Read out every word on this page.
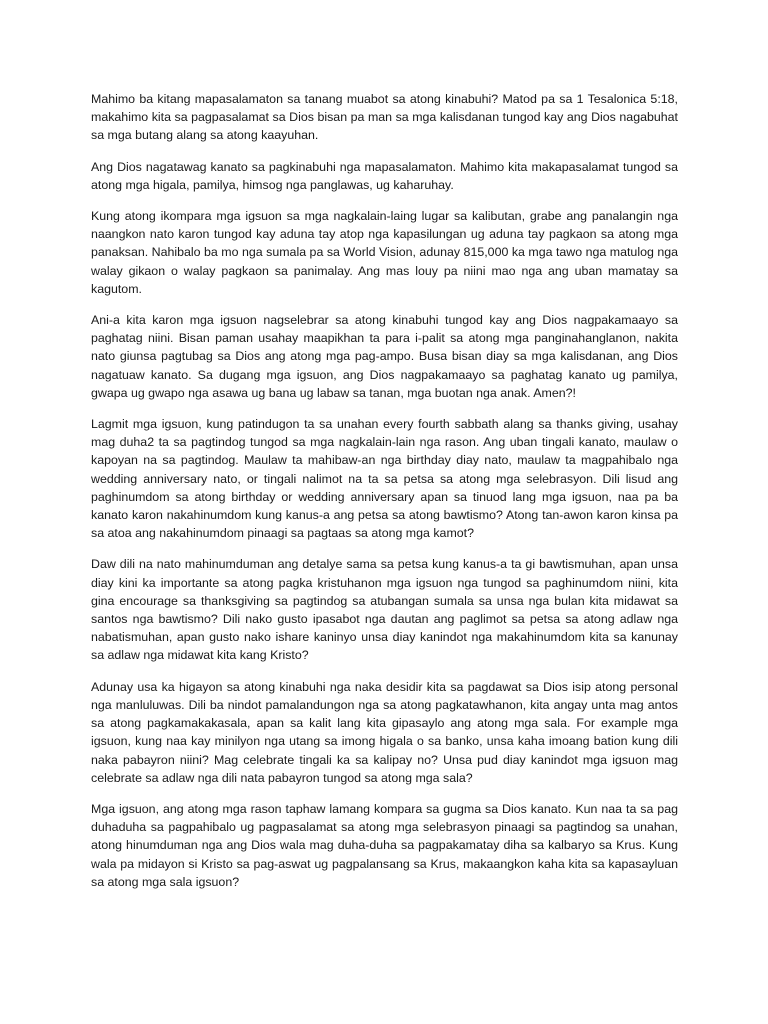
Mahimo ba kitang mapasalamaton sa tanang muabot sa atong kinabuhi? Matod pa sa 1 Tesalonica 5:18, makahimo kita sa pagpasalamat sa Dios bisan pa man sa mga kalisdanan tungod kay ang Dios nagabuhat sa mga butang alang sa atong kaayuhan.

Ang Dios nagatawag kanato sa pagkinabuhi nga mapasalamaton. Mahimo kita makapasalamat tungod sa atong mga higala, pamilya, himsog nga panglawas, ug kaharuhay.

Kung atong ikompara mga igsuon sa mga nagkalain-laing lugar sa kalibutan, grabe ang panalangin nga naangkon nato karon tungod kay aduna tay atop nga kapasilungan ug aduna tay pagkaon sa atong mga panaksan. Nahibalo ba mo nga sumala pa sa World Vision, adunay 815,000 ka mga tawo nga matulog nga walay gikaon o walay pagkaon sa panimalay. Ang mas louy pa niini mao nga ang uban mamatay sa kagutom.

Ani-a kita karon mga igsuon nagselebrar sa atong kinabuhi tungod kay ang Dios nagpakamaayo sa paghatag niini. Bisan paman usahay maapikhan ta para i-palit sa atong mga panginahanglanon, nakita nato giunsa pagtubag sa Dios ang atong mga pag-ampo. Busa bisan diay sa mga kalisdanan, ang Dios nagatuaw kanato. Sa dugang mga igsuon, ang Dios nagpakamaayo sa paghatag kanato ug pamilya, gwapa ug gwapo nga asawa ug bana ug labaw sa tanan, mga buotan nga anak. Amen?!

Lagmit mga igsuon, kung patindugon ta sa unahan every fourth sabbath alang sa thanks giving, usahay mag duha2 ta sa pagtindog tungod sa mga nagkalain-lain nga rason. Ang uban tingali kanato, maulaw o kapoyan na sa pagtindog. Maulaw ta mahibaw-an nga birthday diay nato, maulaw ta magpahibalo nga wedding anniversary nato, or tingali nalimot na ta sa petsa sa atong mga selebrasyon. Dili lisud ang paghinumdom sa atong birthday or wedding anniversary apan sa tinuod lang mga igsuon, naa pa ba kanato karon nakahinumdom kung kanus-a ang petsa sa atong bawtismo? Atong tan-awon karon kinsa pa sa atoa ang nakahinumdom pinaagi sa pagtaas sa atong mga kamot?

Daw dili na nato mahinumduman ang detalye sama sa petsa kung kanus-a ta gi bawtismuhan, apan unsa diay kini ka importante sa atong pagka kristuhanon mga igsuon nga tungod sa paghinumdom niini, kita gina encourage sa thanksgiving sa pagtindog sa atubangan sumala sa unsa nga bulan kita midawat sa santos nga bawtismo? Dili nako gusto ipasabot nga dautan ang paglimot sa petsa sa atong adlaw nga nabatismuhan, apan gusto nako ishare kaninyo unsa diay kanindot nga makahinumdom kita sa kanunay sa adlaw nga midawat kita kang Kristo?

Adunay usa ka higayon sa atong kinabuhi nga naka desidir kita sa pagdawat sa Dios isip atong personal nga manluluwas. Dili ba nindot pamalandungon nga sa atong pagkatawhanon, kita angay unta mag antos sa atong pagkamakakasala, apan sa kalit lang kita gipasaylo ang atong mga sala. For example mga igsuon, kung naa kay minilyon nga utang sa imong higala o sa banko, unsa kaha imoang bation kung dili naka pabayron niini? Mag celebrate tingali ka sa kalipay no? Unsa pud diay kanindot mga igsuon mag celebrate sa adlaw nga dili nata pabayron tungod sa atong mga sala?

Mga igsuon, ang atong mga rason taphaw lamang kompara sa gugma sa Dios kanato. Kun naa ta sa pag duhaduha sa pagpahibalo ug pagpasalamat sa atong mga selebrasyon pinaagi sa pagtindog sa unahan, atong hinumduman nga ang Dios wala mag duha-duha sa pagpakamatay diha sa kalbaryo sa Krus. Kung wala pa midayon si Kristo sa pag-aswat ug pagpalansang sa Krus, makaangkon kaha kita sa kapasayluan sa atong mga sala igsuon?
